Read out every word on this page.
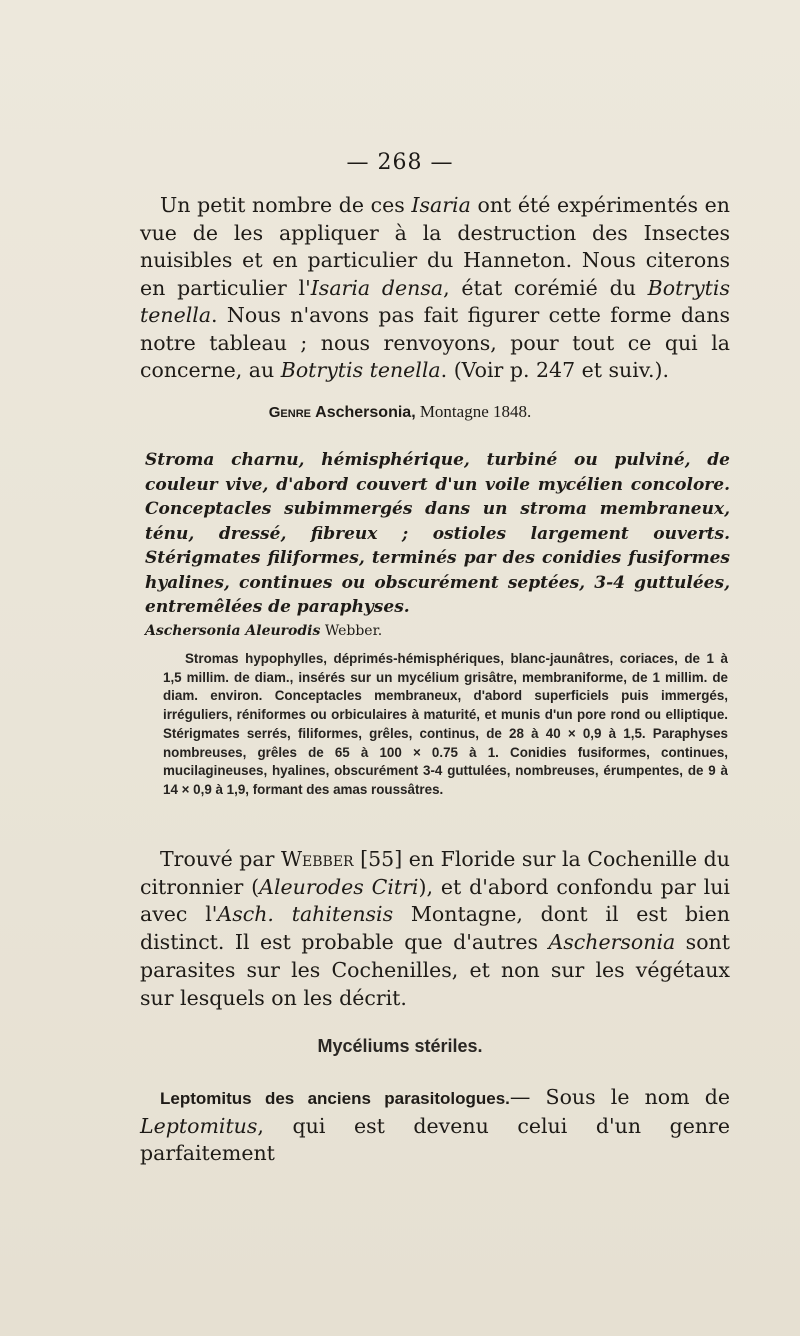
— 268 —
Un petit nombre de ces Isaria ont été expérimentés en vue de les appliquer à la destruction des Insectes nuisibles et en particulier du Hanneton. Nous citerons en particulier l'Isaria densa, état corémié du Botrytis tenella. Nous n'avons pas fait figurer cette forme dans notre tableau ; nous renvoyons, pour tout ce qui la concerne, au Botrytis tenella. (Voir p. 247 et suiv.).
Genre Aschersonia, Montagne 1848.
Stroma charnu, hémisphérique, turbiné ou pulviné, de couleur vive, d'abord couvert d'un voile mycélien concolore. Conceptacles subimmergés dans un stroma membraneux, ténu, dressé, fibreux ; ostioles largement ouverts. Stérigmates filiformes, terminés par des conidies fusiformes hyalines, continues ou obscurément septées, 3-4 guttulées, entremêlées de paraphyses.
Aschersonia Aleurodis Webber.
Stromas hypophylles, déprimés-hémisphériques, blanc-jaunâtres, coriaces, de 1 à 1,5 millim. de diam., insérés sur un mycélium grisâtre, membraniforme, de 1 millim. de diam. environ. Conceptacles membraneux, d'abord superficiels puis immergés, irréguliers, réniformes ou orbiculaires à maturité, et munis d'un pore rond ou elliptique. Stérigmates serrés, filiformes, grêles, continus, de 28 à 40 × 0,9 à 1,5. Paraphyses nombreuses, grêles de 65 à 100 × 0.75 à 1. Conidies fusiformes, continues, mucilagineuses, hyalines, obscurément 3-4 guttulées, nombreuses, érumpentes, de 9 à 14 × 0,9 à 1,9, formant des amas roussâtres.
Trouvé par Webber [55] en Floride sur la Cochenille du citronnier (Aleurodes Citri), et d'abord confondu par lui avec l'Asch. tahitensis Montagne, dont il est bien distinct. Il est probable que d'autres Aschersonia sont parasites sur les Cochenilles, et non sur les végétaux sur lesquels on les décrit.
Mycéliums stériles.
Leptomitus des anciens parasitologues.— Sous le nom de Leptomitus, qui est devenu celui d'un genre parfaitement
